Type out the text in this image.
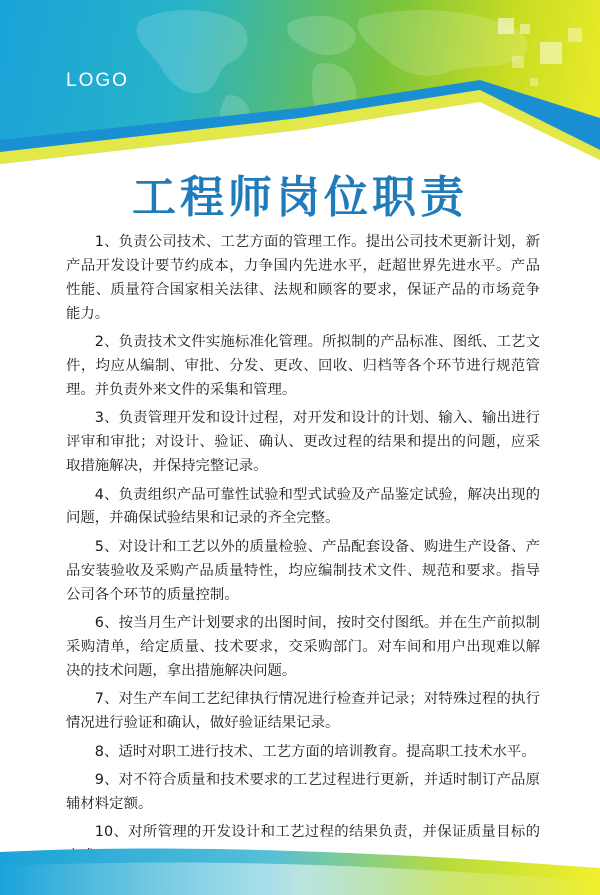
LOGO
工程师岗位职责

1、负责公司技术、工艺方面的管理工作。提出公司技术更新计划，新产品开发设计要节约成本，力争国内先进水平，赶超世界先进水平。产品性能、质量符合国家相关法律、法规和顾客的要求，保证产品的市场竞争能力。

2、负责技术文件实施标准化管理。所拟制的产品标准、图纸、工艺文件，均应从编制、审批、分发、更改、回收、归档等各个环节进行规范管理。并负责外来文件的采集和管理。

3、负责管理开发和设计过程，对开发和设计的计划、输入、输出进行评审和审批；对设计、验证、确认、更改过程的结果和提出的问题，应采取措施解决，并保持完整记录。

4、负责组织产品可靠性试验和型式试验及产品鉴定试验，解决出现的问题，并确保试验结果和记录的齐全完整。

5、对设计和工艺以外的质量检验、产品配套设备、购进生产设备、产品安装验收及采购产品质量特性，均应编制技术文件、规范和要求。指导公司各个环节的质量控制。

6、按当月生产计划要求的出图时间，按时交付图纸。并在生产前拟制采购清单，给定质量、技术要求，交采购部门。对车间和用户出现难以解决的技术问题，拿出措施解决问题。

7、对生产车间工艺纪律执行情况进行检查并记录；对特殊过程的执行情况进行验证和确认，做好验证结果记录。

8、适时对职工进行技术、工艺方面的培训教育。提高职工技术水平。

9、对不符合质量和技术要求的工艺过程进行更新，并适时制订产品原辅材料定额。

10、对所管理的开发设计和工艺过程的结果负责，并保证质量目标的
